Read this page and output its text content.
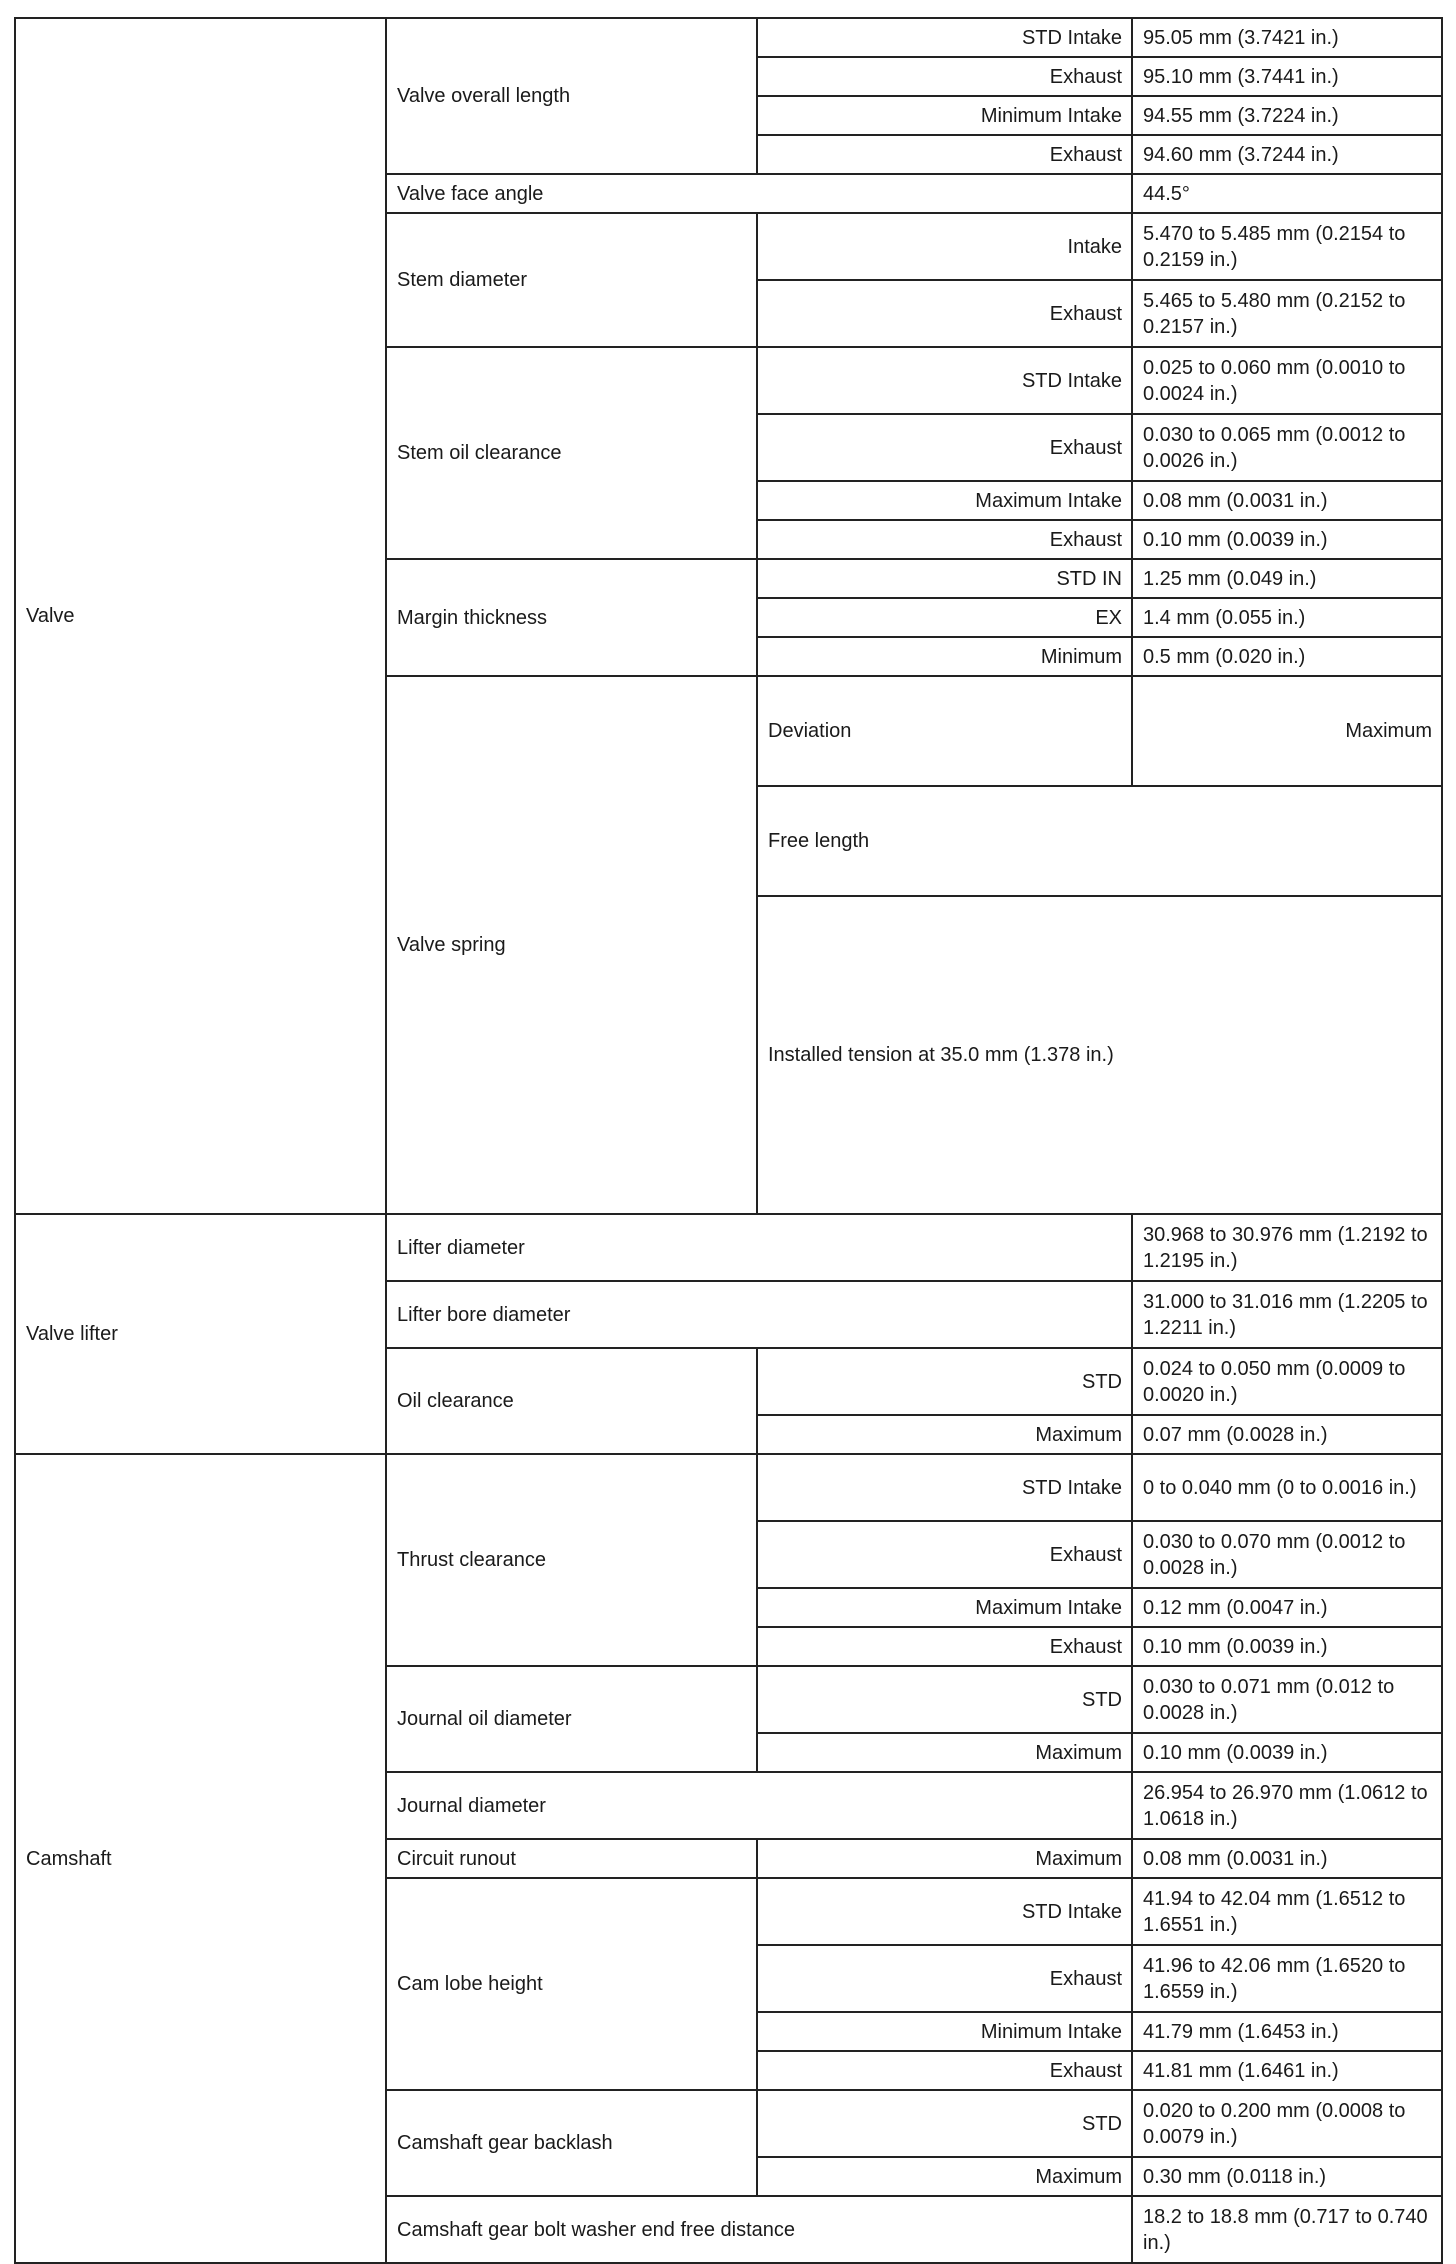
Valve	Valve overall length	STD Intake	95.05 mm (3.7421 in.)	
		Exhaust	95.10 mm (3.7441 in.)	
		Minimum Intake	94.55 mm (3.7224 in.)	
		Exhaust	94.60 mm (3.7244 in.)	
	Valve face angle		44.5°	
	Stem diameter	Intake	5.470 to 5.485 mm (0.2154 to 0.2159 in.)	
		Exhaust	5.465 to 5.480 mm (0.2152 to 0.2157 in.)	
	Stem oil clearance	STD Intake	0.025 to 0.060 mm (0.0010 to 0.0024 in.)	
		Exhaust	0.030 to 0.065 mm (0.0012 to 0.0026 in.)	
		Maximum Intake	0.08 mm (0.0031 in.)	
		Exhaust	0.10 mm (0.0039 in.)	
	Margin thickness	STD IN	1.25 mm (0.049 in.)	
		EX	1.4 mm (0.055 in.)	
		Minimum	0.5 mm (0.020 in.)	
	Valve spring	Deviation	Maximum	
		Free length	
		Installed tension at 35.0 mm (1.378 in.)	
Valve lifter	Lifter diameter		30.968 to 30.976 mm (1.2192 to 1.2195 in.)	
	Lifter bore diameter		31.000 to 31.016 mm (1.2205 to 1.2211 in.)	
	Oil clearance	STD	0.024 to 0.050 mm (0.0009 to 0.0020 in.)	
		Maximum	0.07 mm (0.0028 in.)	
Camshaft	Thrust clearance	STD Intake	0 to 0.040 mm (0 to 0.0016 in.)	
		Exhaust	0.030 to 0.070 mm (0.0012 to 0.0028 in.)	
		Maximum Intake	0.12 mm (0.0047 in.)	
		Exhaust	0.10 mm (0.0039 in.)	
	Journal oil diameter	STD	0.030 to 0.071 mm (0.012 to 0.0028 in.)	
		Maximum	0.10 mm (0.0039 in.)	
	Journal diameter		26.954 to 26.970 mm (1.0612 to 1.0618 in.)	
	Circuit runout	Maximum	0.08 mm (0.0031 in.)	
	Cam lobe height	STD Intake	41.94 to 42.04 mm (1.6512 to 1.6551 in.)	
		Exhaust	41.96 to 42.06 mm (1.6520 to 1.6559 in.)	
		Minimum Intake	41.79 mm (1.6453 in.)	
		Exhaust	41.81 mm (1.6461 in.)	
	Camshaft gear backlash	STD	0.020 to 0.200 mm (0.0008 to 0.0079 in.)	
		Maximum	0.30 mm (0.0118 in.)	
	Camshaft gear bolt washer end free distance		18.2 to 18.8 mm (0.717 to 0.740 in.)	
